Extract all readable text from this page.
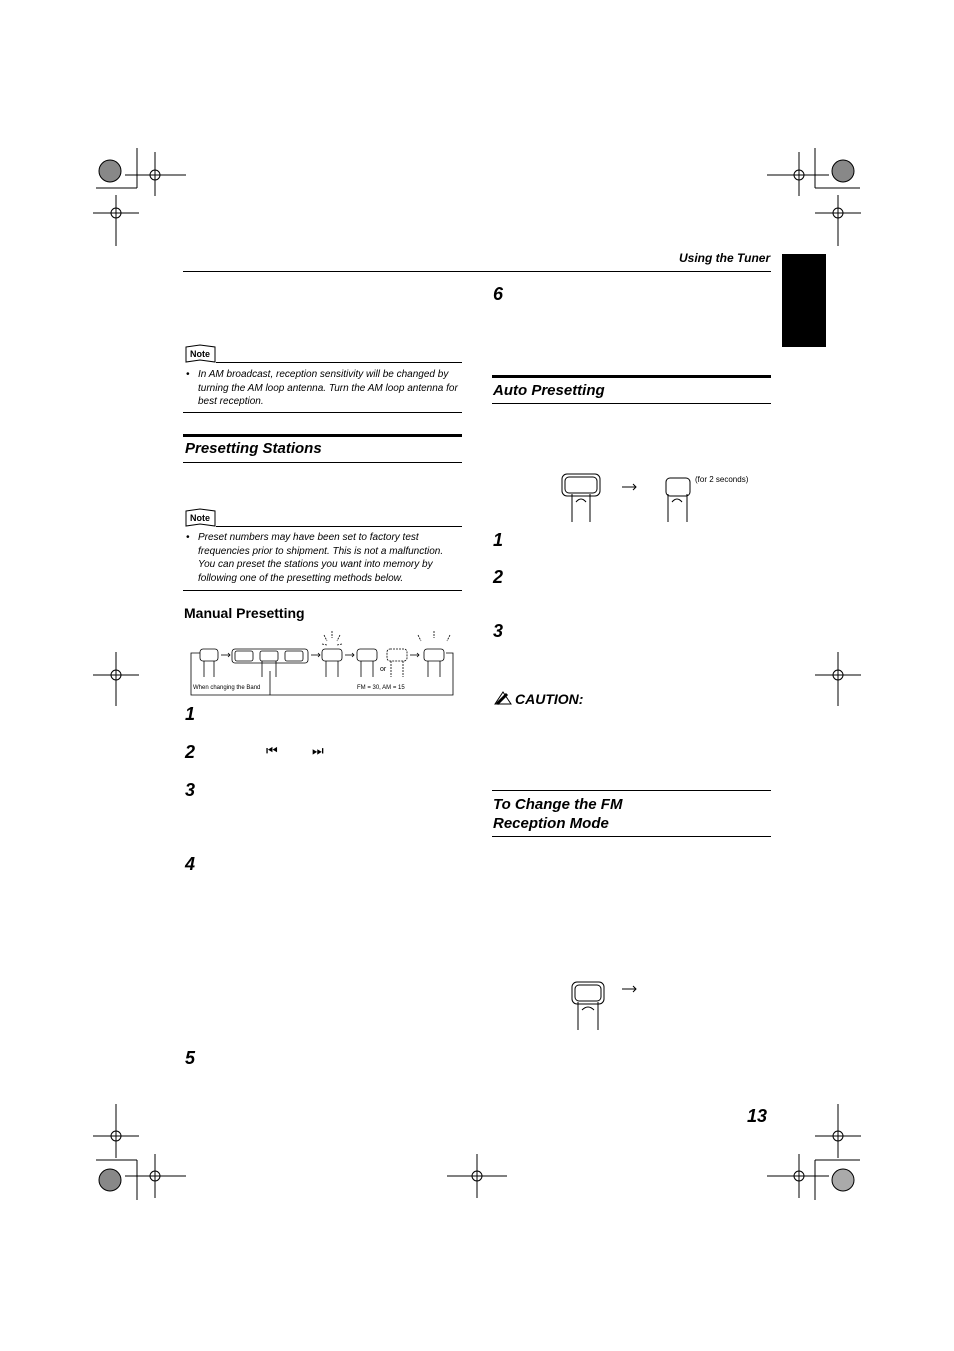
Using the Tuner
Note
• In AM broadcast, reception sensitivity will be changed by turning the AM loop antenna. Turn the AM loop antenna for best reception.
Presetting Stations
Note
• Preset numbers may have been set to factory test frequencies prior to shipment. This is not a malfunction. You can preset the stations you want into memory by following one of the presetting methods below.
Manual Presetting
or
When changing the Band	FM = 30, AM = 15
1
2	⏮	⏭
3
4
5
6
Auto Presetting
(for 2 seconds)
1
2
3
CAUTION:
To Change the FM
Reception Mode
13
